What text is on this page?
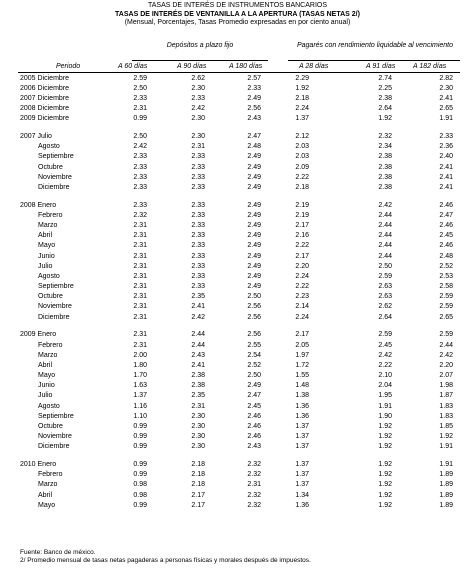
TASAS DE INTERÉS DE INSTRUMENTOS BANCARIOS
TASAS DE INTERÉS DE VENTANILLA A LA APERTURA (TASAS NETAS 2/)
(Mensual, Porcentajes, Tasas Promedio expresadas en por ciento anual)
Depósitos a plazo fijo	Pagarés con rendimiento liquidable al vencimiento
Periodo	A 60 días	A 90 días	A 180 días	A 28 días	A 91 días	A 182 días
2005 Diciembre	2.59	2.62	2.57	2.29	2.74	2.82
2006 Diciembre	2.50	2.30	2.33	1.92	2.25	2.30
2007 Diciembre	2.33	2.33	2.49	2.18	2.38	2.41
2008 Diciembre	2.31	2.42	2.56	2.24	2.64	2.65
2009 Diciembre	0.99	2.30	2.43	1.37	1.92	1.91
2007 Julio	2.50	2.30	2.47	2.12	2.32	2.33
Agosto	2.42	2.31	2.48	2.03	2.34	2.36
Septiembre	2.33	2.33	2.49	2.03	2.38	2.40
Octubre	2.33	2.33	2.49	2.09	2.38	2.41
Noviembre	2.33	2.33	2.49	2.22	2.38	2.41
Diciembre	2.33	2.33	2.49	2.18	2.38	2.41
2008 Enero	2.33	2.33	2.49	2.19	2.42	2.46
Febrero	2.32	2.33	2.49	2.19	2.44	2.47
Marzo	2.31	2.33	2.49	2.17	2.44	2.46
Abril	2.31	2.33	2.49	2.16	2.44	2.45
Mayo	2.31	2.33	2.49	2.22	2.44	2.46
Junio	2.31	2.33	2.49	2.17	2.44	2.48
Julio	2.31	2.33	2.49	2.20	2.50	2.52
Agosto	2.31	2.33	2.49	2.24	2.59	2.53
Septiembre	2.31	2.33	2.49	2.22	2.63	2.58
Octubre	2.31	2.35	2.50	2.23	2.63	2.59
Noviembre	2.31	2.41	2.56	2.14	2.62	2.59
Diciembre	2.31	2.42	2.56	2.24	2.64	2.65
2009 Enero	2.31	2.44	2.56	2.17	2.59	2.59
Febrero	2.31	2.44	2.55	2.05	2.45	2.44
Marzo	2.00	2.43	2.54	1.97	2.42	2.42
Abril	1.80	2.41	2.52	1.72	2.22	2.20
Mayo	1.70	2.38	2.50	1.55	2.10	2.07
Junio	1.63	2.38	2.49	1.48	2.04	1.98
Julio	1.37	2.35	2.47	1.38	1.95	1.87
Agosto	1.16	2.31	2.45	1.36	1.91	1.83
Septiembre	1.10	2.30	2.46	1.36	1.90	1.83
Octubre	0.99	2.30	2.46	1.37	1.92	1.85
Noviembre	0.99	2.30	2.46	1.37	1.92	1.92
Diciembre	0.99	2.30	2.43	1.37	1.92	1.91
2010 Enero	0.99	2.18	2.32	1.37	1.92	1.91
Febrero	0.99	2.18	2.32	1.37	1.92	1.89
Marzo	0.98	2.18	2.31	1.37	1.92	1.89
Abril	0.98	2.17	2.32	1.34	1.92	1.89
Mayo	0.99	2.17	2.32	1.36	1.92	1.89
Fuente: Banco de méxico.
2/ Promedio mensual de tasas netas pagaderas a personas físicas y morales después de impuestos.
